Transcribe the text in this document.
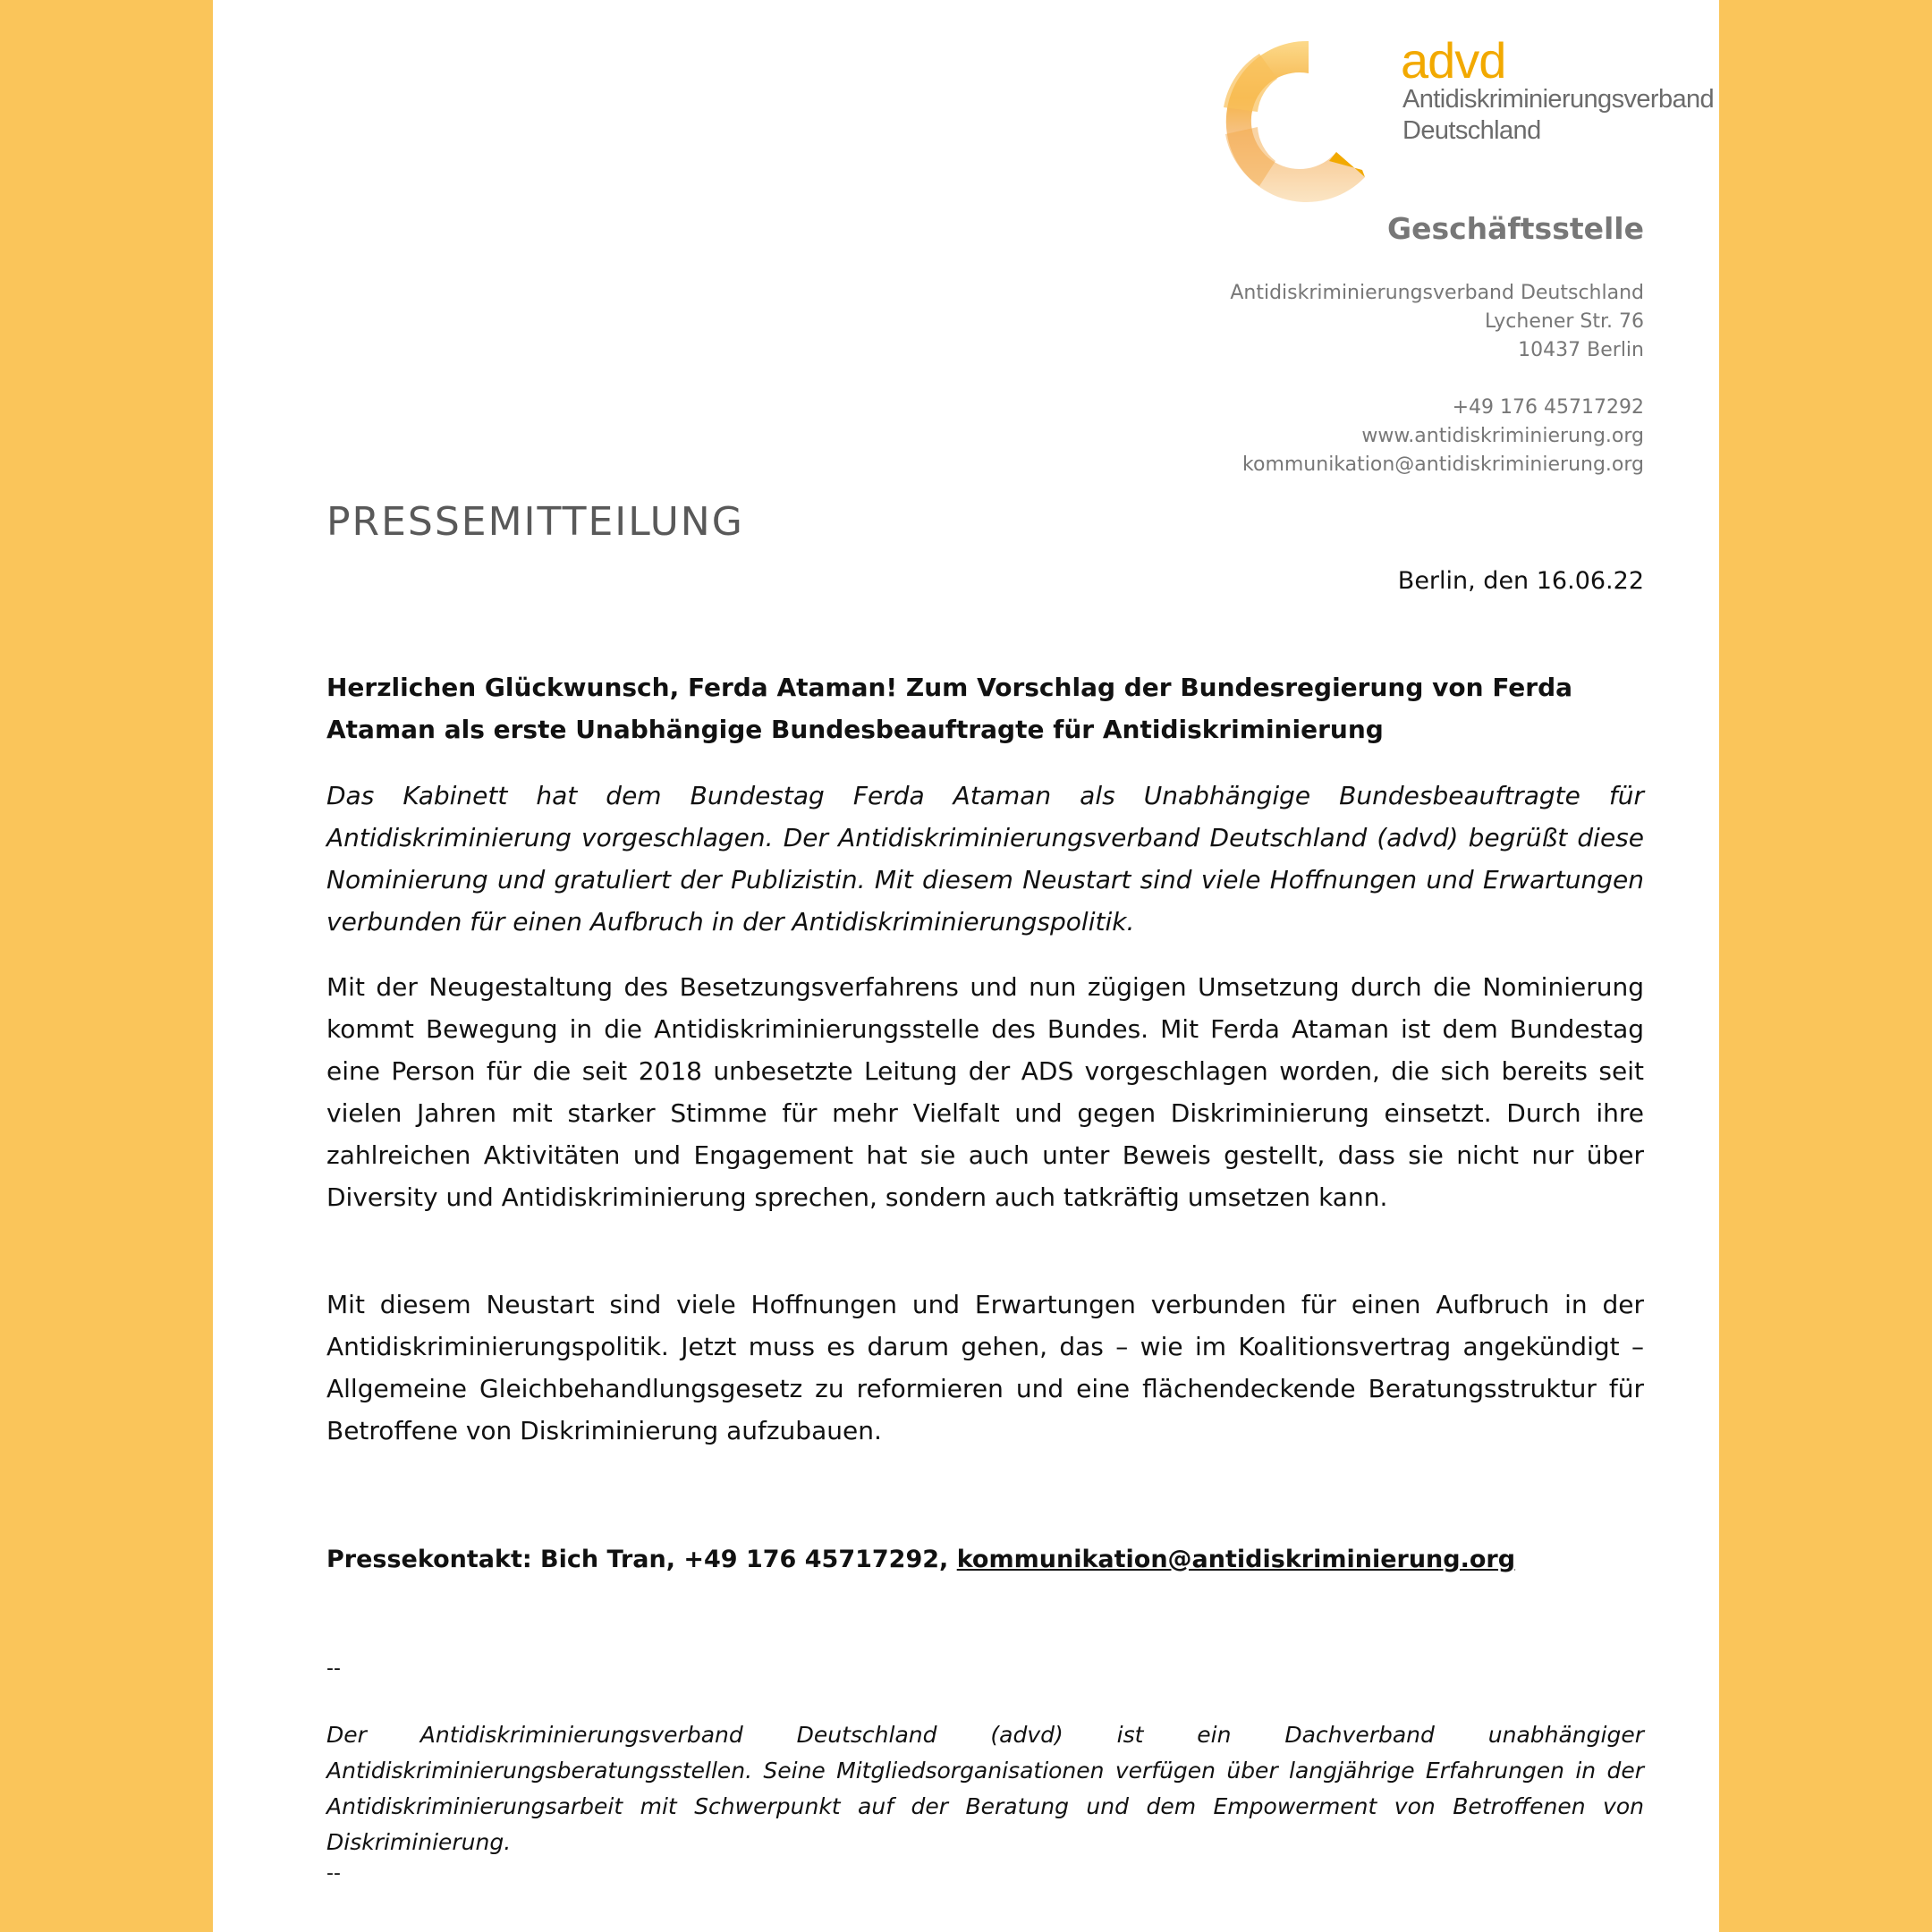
advd
Antidiskriminierungsverband
Deutschland
Geschäftsstelle
Antidiskriminierungsverband Deutschland
Lychener Str. 76
10437 Berlin
+49 176 45717292
www.antidiskriminierung.org
kommunikation@antidiskriminierung.org
PRESSEMITTEILUNG
Berlin, den 16.06.22
Herzlichen Glückwunsch, Ferda Ataman! Zum Vorschlag der Bundesregierung von Ferda Ataman als erste Unabhängige Bundesbeauftragte für Antidiskriminierung
Das Kabinett hat dem Bundestag Ferda Ataman als Unabhängige Bundesbeauftragte für Antidiskriminierung vorgeschlagen. Der Antidiskriminierungsverband Deutschland (advd) begrüßt diese Nominierung und gratuliert der Publizistin. Mit diesem Neustart sind viele Hoffnungen und Erwartungen verbunden für einen Aufbruch in der Antidiskriminierungspolitik.
Mit der Neugestaltung des Besetzungsverfahrens und nun zügigen Umsetzung durch die Nominierung kommt Bewegung in die Antidiskriminierungsstelle des Bundes. Mit Ferda Ataman ist dem Bundestag eine Person für die seit 2018 unbesetzte Leitung der ADS vorgeschlagen worden, die sich bereits seit vielen Jahren mit starker Stimme für mehr Vielfalt und gegen Diskriminierung einsetzt. Durch ihre zahlreichen Aktivitäten und Engagement hat sie auch unter Beweis gestellt, dass sie nicht nur über Diversity und Antidiskriminierung sprechen, sondern auch tatkräftig umsetzen kann.
Mit diesem Neustart sind viele Hoffnungen und Erwartungen verbunden für einen Aufbruch in der Antidiskriminierungspolitik. Jetzt muss es darum gehen, das – wie im Koalitionsvertrag angekündigt – Allgemeine Gleichbehandlungsgesetz zu reformieren und eine flächendeckende Beratungsstruktur für Betroffene von Diskriminierung aufzubauen.
Pressekontakt: Bich Tran, +49 176 45717292, kommunikation@antidiskriminierung.org
--
Der Antidiskriminierungsverband Deutschland (advd) ist ein Dachverband unabhängiger Antidiskriminierungsberatungsstellen. Seine Mitgliedsorganisationen verfügen über langjährige Erfahrungen in der Antidiskriminierungsarbeit mit Schwerpunkt auf der Beratung und dem Empowerment von Betroffenen von Diskriminierung.
--
